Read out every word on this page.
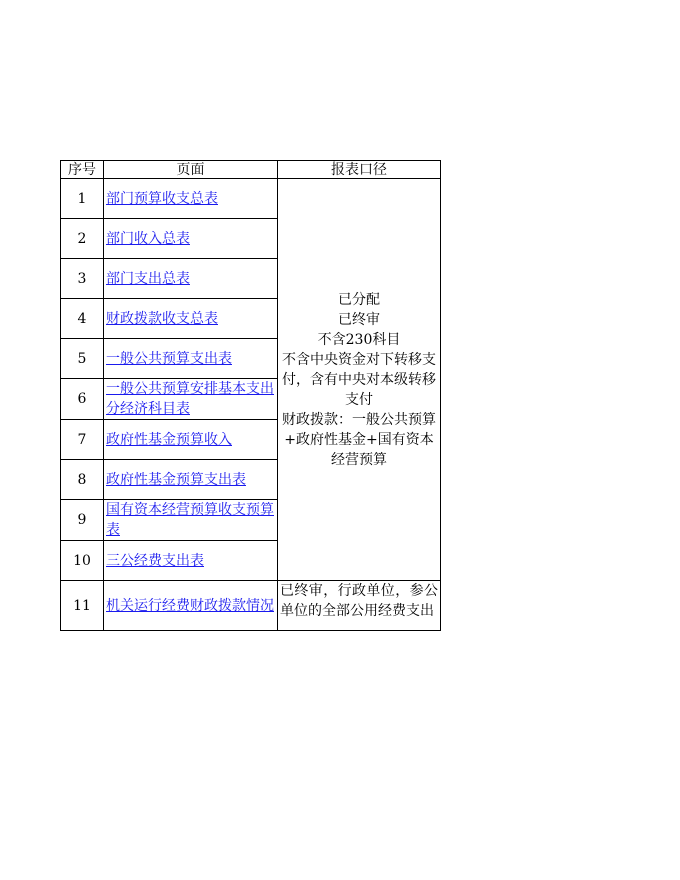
序号	页面	报表口径
1	部门预算收支总表	已分配
已终审
不含230科目
不含中央资金对下转移支付，含有中央对本级转移支付
财政拨款：一般公共预算+政府性基金+国有资本经营预算

2	部门收入总表	
3	部门支出总表	
4	财政拨款收支总表	
5	一般公共预算支出表	
6	一般公共预算安排基本支出分经济科目表	
7	政府性基金预算收入	
8	政府性基金预算支出表	
9	国有资本经营预算收支预算表	
10	三公经费支出表	
11	机关运行经费财政拨款情况	已终审，行政单位，参公单位的全部公用经费支出
